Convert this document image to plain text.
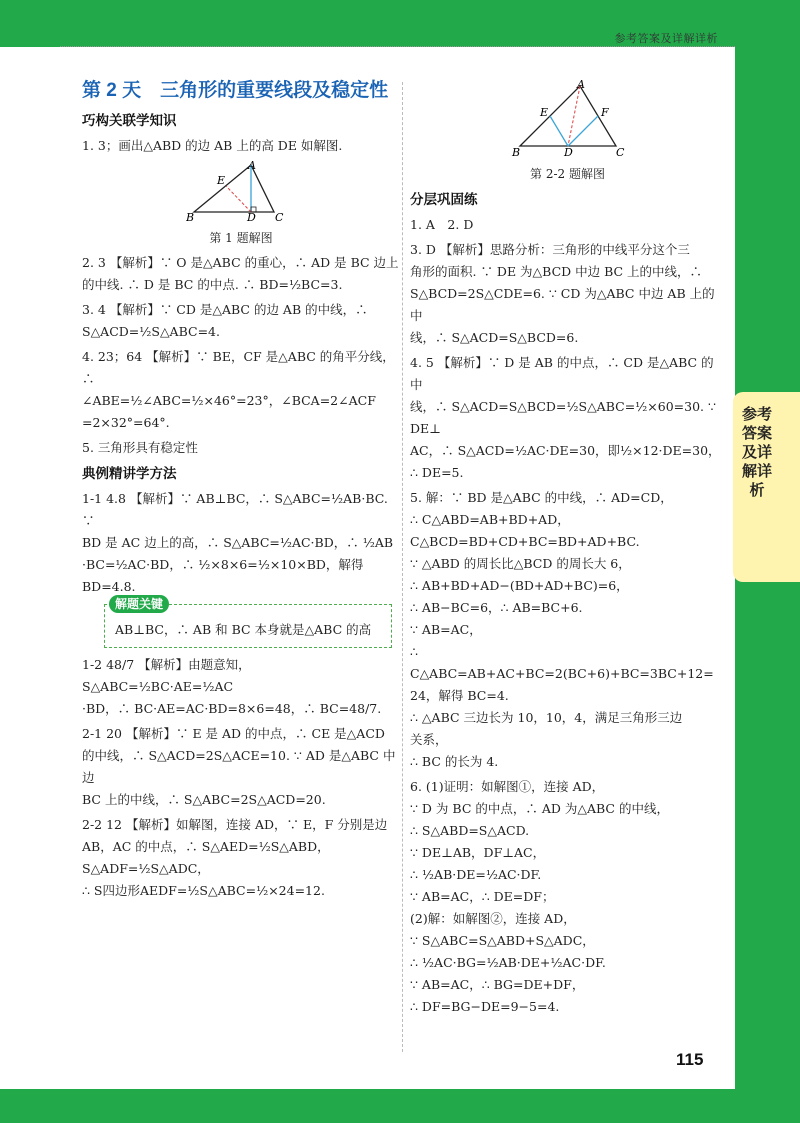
参考答案及详解详析
参考答案及详解详析
第 2 天　三角形的重要线段及稳定性
巧构关联学知识
1. 3；画出△ABD 的边 AB 上的高 DE 如解图.
E
A
B	D C
第 1 题解图
2. 3 【解析】∵ O 是△ABC 的重心，∴ AD 是 BC 边上
的中线. ∴ D 是 BC 的中点. ∴ BD=½BC=3.
3. 4 【解析】∵ CD 是△ABC 的边 AB 的中线，∴
S△ACD=½S△ABC=4.
4. 23；64 【解析】∵ BE，CF 是△ABC 的角平分线，∴
∠ABE=½∠ABC=½×46°=23°，∠BCA=2∠ACF
=2×32°=64°.
5. 三角形具有稳定性
典例精讲学方法
1-1 4.8 【解析】∵ AB⊥BC，∴ S△ABC=½AB·BC. ∵
BD 是 AC 边上的高，∴ S△ABC=½AC·BD，∴ ½AB
·BC=½AC·BD，∴ ½×8×6=½×10×BD，解得
BD=4.8.
解题关键
AB⊥BC，∴ AB 和 BC 本身就是△ABC 的高
1-2 48/7 【解析】由题意知，S△ABC=½BC·AE=½AC
·BD，∴ BC·AE=AC·BD=8×6=48，∴ BC=48/7.
2-1 20 【解析】∵ E 是 AD 的中点，∴ CE 是△ACD
的中线，∴ S△ACD=2S△ACE=10. ∵ AD 是△ABC 中边
BC 上的中线，∴ S△ABC=2S△ACD=20.
2-2 12 【解析】如解图，连接 AD，∵ E，F 分别是边
AB，AC 的中点，∴ S△AED=½S△ABD，S△ADF=½S△ADC，
∴ S四边形AEDF=½S△ABC=½×24=12.
A
E	F
B	D	C
第 2-2 题解图
分层巩固练
1. A　2. D
3. D 【解析】思路分析：三角形的中线平分这个三
角形的面积. ∵ DE 为△BCD 中边 BC 上的中线，∴
S△BCD=2S△CDE=6. ∵ CD 为△ABC 中边 AB 上的中
线，∴ S△ACD=S△BCD=6.
4. 5 【解析】∵ D 是 AB 的中点，∴ CD 是△ABC 的中
线，∴ S△ACD=S△BCD=½S△ABC=½×60=30. ∵ DE⊥
AC，∴ S△ACD=½AC·DE=30，即½×12·DE=30，
∴ DE=5.
5. 解：∵ BD 是△ABC 的中线，∴ AD=CD，
∴ C△ABD=AB+BD+AD，
C△BCD=BD+CD+BC=BD+AD+BC.
∵ △ABD 的周长比△BCD 的周长大 6，
∴ AB+BD+AD−(BD+AD+BC)=6，
∴ AB−BC=6，∴ AB=BC+6.
∵ AB=AC，
∴ C△ABC=AB+AC+BC=2(BC+6)+BC=3BC+12=
24，解得 BC=4.
∴ △ABC 三边长为 10，10，4，满足三角形三边
关系，
∴ BC 的长为 4.
6. (1)证明：如解图①，连接 AD，
∵ D 为 BC 的中点，∴ AD 为△ABC 的中线，
∴ S△ABD=S△ACD.
∵ DE⊥AB，DF⊥AC，
∴ ½AB·DE=½AC·DF.
∵ AB=AC，∴ DE=DF；
(2)解：如解图②，连接 AD，
∵ S△ABC=S△ABD+S△ADC，
∴ ½AC·BG=½AB·DE+½AC·DF.
∵ AB=AC，∴ BG=DE+DF，
∴ DF=BG−DE=9−5=4.
115
